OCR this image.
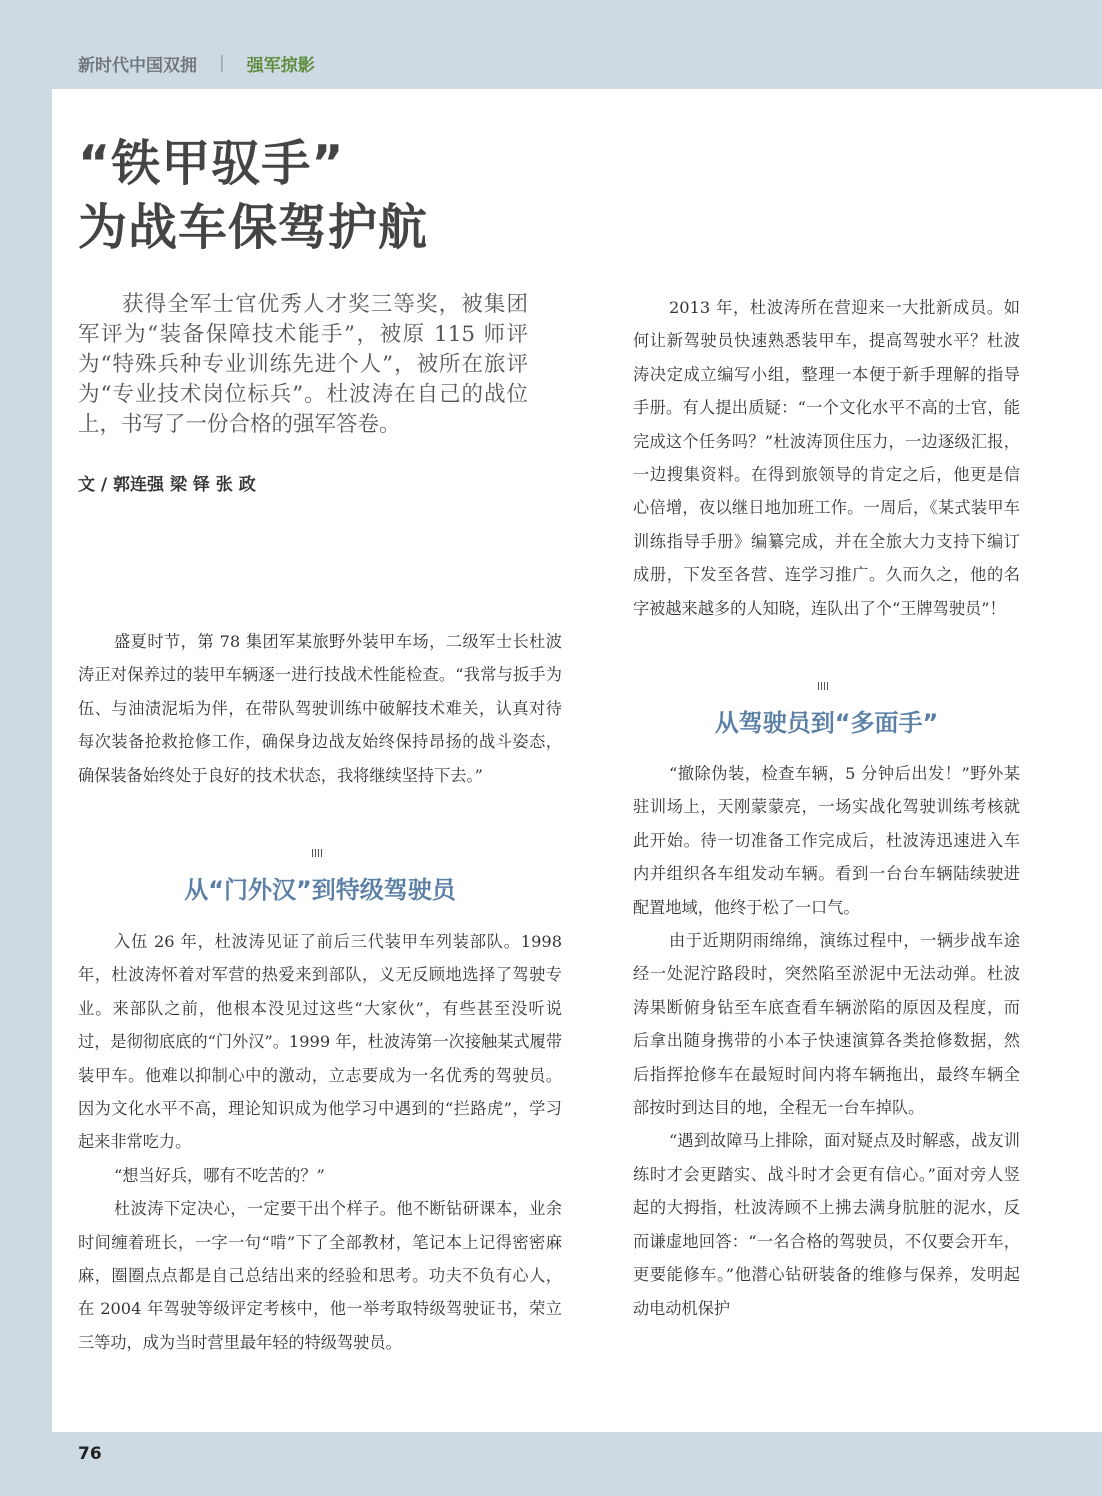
新时代中国双拥 | 强军掠影
“铁甲驭手”
为战车保驾护航

获得全军士官优秀人才奖三等奖，被集团军评为“装备保障技术能手”，被原 115 师评为“特殊兵种专业训练先进个人”，被所在旅评为“专业技术岗位标兵”。杜波涛在自己的战位上，书写了一份合格的强军答卷。

文 / 郭连强 梁 铎 张 政

盛夏时节，第 78 集团军某旅野外装甲车场，二级军士长杜波涛正对保养过的装甲车辆逐一进行技战术性能检查。“我常与扳手为伍、与油渍泥垢为伴，在带队驾驶训练中破解技术难关，认真对待每次装备抢救抢修工作，确保身边战友始终保持昂扬的战斗姿态，确保装备始终处于良好的技术状态，我将继续坚持下去。”

从“门外汉”到特级驾驶员

入伍 26 年，杜波涛见证了前后三代装甲车列装部队。1998 年，杜波涛怀着对军营的热爱来到部队，义无反顾地选择了驾驶专业。来部队之前，他根本没见过这些“大家伙”，有些甚至没听说过，是彻彻底底的“门外汉”。1999 年，杜波涛第一次接触某式履带装甲车。他难以抑制心中的激动，立志要成为一名优秀的驾驶员。因为文化水平不高，理论知识成为他学习中遇到的“拦路虎”，学习起来非常吃力。

“想当好兵，哪有不吃苦的？”

杜波涛下定决心，一定要干出个样子。他不断钻研课本，业余时间缠着班长，一字一句“啃”下了全部教材，笔记本上记得密密麻麻，圈圈点点都是自己总结出来的经验和思考。功夫不负有心人，在 2004 年驾驶等级评定考核中，他一举考取特级驾驶证书，荣立三等功，成为当时营里最年轻的特级驾驶员。

2013 年，杜波涛所在营迎来一大批新成员。如何让新驾驶员快速熟悉装甲车，提高驾驶水平？杜波涛决定成立编写小组，整理一本便于新手理解的指导手册。有人提出质疑：“一个文化水平不高的士官，能完成这个任务吗？”杜波涛顶住压力，一边逐级汇报，一边搜集资料。在得到旅领导的肯定之后，他更是信心倍增，夜以继日地加班工作。一周后，《某式装甲车训练指导手册》编纂完成，并在全旅大力支持下编订成册，下发至各营、连学习推广。久而久之，他的名字被越来越多的人知晓，连队出了个“王牌驾驶员”！

从驾驶员到“多面手”

“撤除伪装，检查车辆，5 分钟后出发！”野外某驻训场上，天刚蒙蒙亮，一场实战化驾驶训练考核就此开始。待一切准备工作完成后，杜波涛迅速进入车内并组织各车组发动车辆。看到一台台车辆陆续驶进配置地域，他终于松了一口气。

由于近期阴雨绵绵，演练过程中，一辆步战车途经一处泥泞路段时，突然陷至淤泥中无法动弹。杜波涛果断俯身钻至车底查看车辆淤陷的原因及程度，而后拿出随身携带的小本子快速演算各类抢修数据，然后指挥抢修车在最短时间内将车辆拖出，最终车辆全部按时到达目的地，全程无一台车掉队。

“遇到故障马上排除，面对疑点及时解惑，战友训练时才会更踏实、战斗时才会更有信心。”面对旁人竖起的大拇指，杜波涛顾不上拂去满身肮脏的泥水，反而谦虚地回答：“一名合格的驾驶员，不仅要会开车，更要能修车。”他潜心钻研装备的维修与保养，发明起动电动机保护

76
